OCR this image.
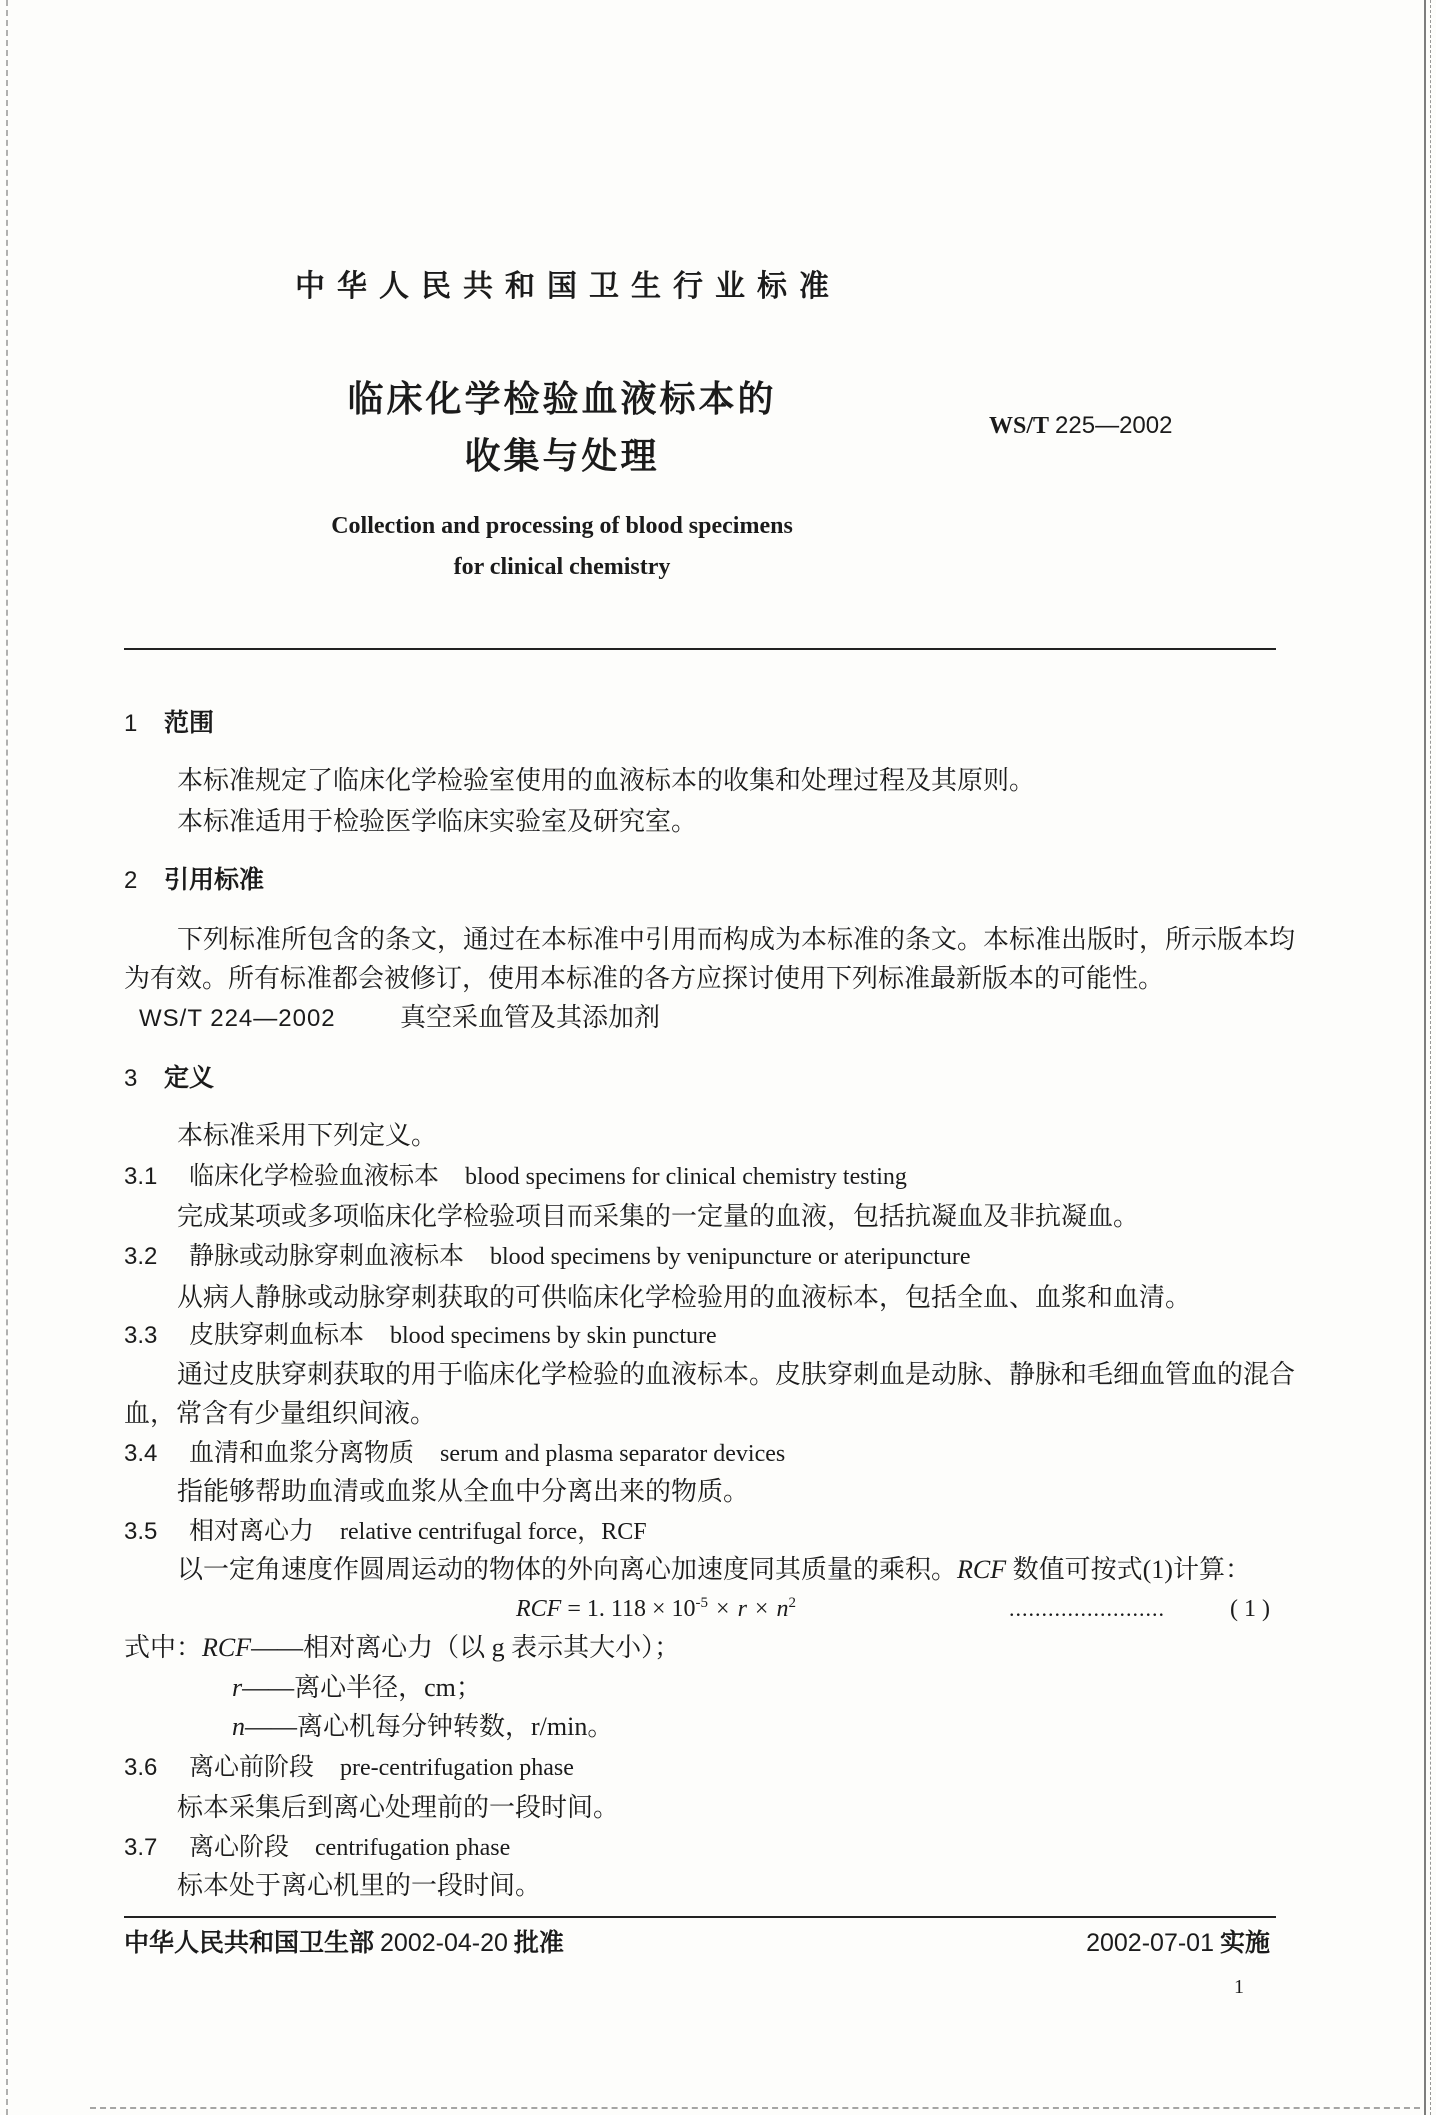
中华人民共和国卫生行业标准
临床化学检验血液标本的
收集与处理
WS/T 225—2002
Collection and processing of blood specimens
for clinical chemistry
1 范围
本标准规定了临床化学检验室使用的血液标本的收集和处理过程及其原则。
本标准适用于检验医学临床实验室及研究室。
2 引用标准
下列标准所包含的条文，通过在本标准中引用而构成为本标准的条文。本标准出版时，所示版本均
为有效。所有标准都会被修订，使用本标准的各方应探讨使用下列标准最新版本的可能性。
WS/T 224—2002 真空采血管及其添加剂
3 定义
本标准采用下列定义。
3.1 临床化学检验血液标本 blood specimens for clinical chemistry testing
完成某项或多项临床化学检验项目而采集的一定量的血液，包括抗凝血及非抗凝血。
3.2 静脉或动脉穿刺血液标本 blood specimens by venipuncture or ateripuncture
从病人静脉或动脉穿刺获取的可供临床化学检验用的血液标本，包括全血、血浆和血清。
3.3 皮肤穿刺血标本 blood specimens by skin puncture
通过皮肤穿刺获取的用于临床化学检验的血液标本。皮肤穿刺血是动脉、静脉和毛细血管血的混合
血，常含有少量组织间液。
3.4 血清和血浆分离物质 serum and plasma separator devices
指能够帮助血清或血浆从全血中分离出来的物质。
3.5 相对离心力 relative centrifugal force，RCF
以一定角速度作圆周运动的物体的外向离心加速度同其质量的乘积。RCF 数值可按式(1)计算：
RCF = 1. $118 \times 10^{-5} \times r \times n^2$	........................	( 1 )
式中：RCF——相对离心力（以 g 表示其大小）；
r——离心半径，cm；
n——离心机每分钟转数，r/min。
3.6 离心前阶段 pre-centrifugation phase
标本采集后到离心处理前的一段时间。
3.7 离心阶段 centrifugation phase
标本处于离心机里的一段时间。
中华人民共和国卫生部 2002-04-20 批准	2002-07-01 实施
1
